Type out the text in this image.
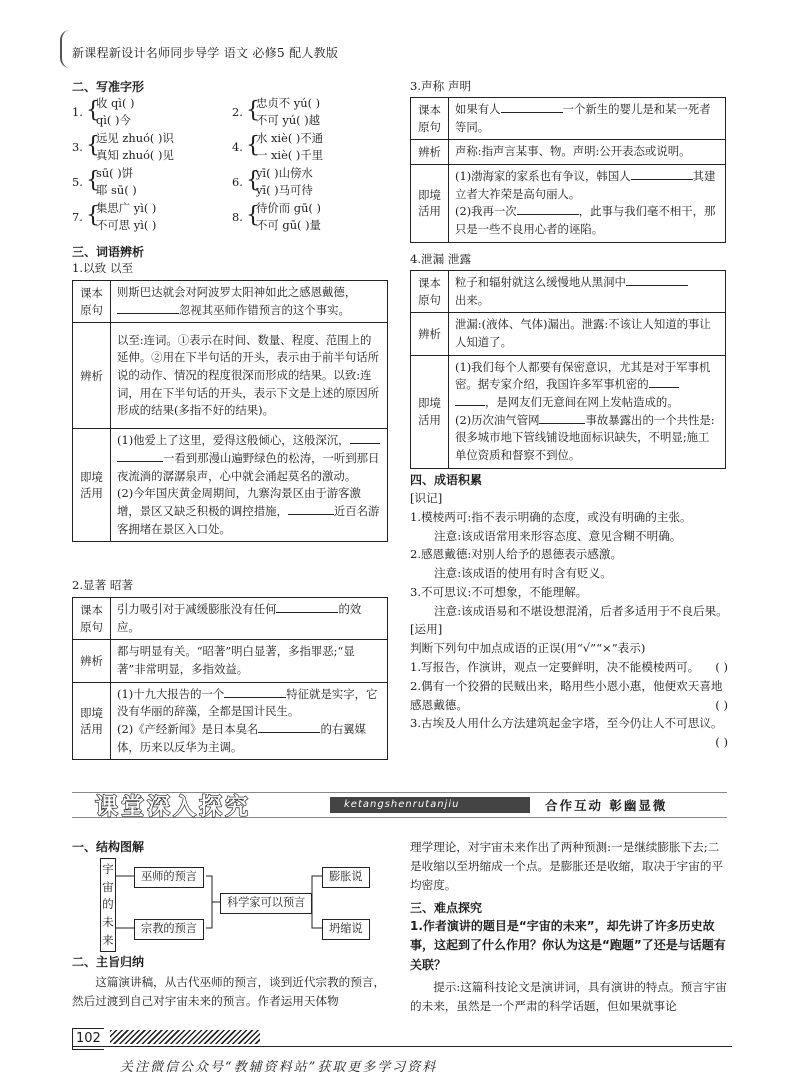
新课程新设计名师同步导学 语文 必修5 配人教版
二、写准字形
1. {
收 qì( )
qì( )今
2. {
忠贞不 yú( )
不可 yú( )越
3. {
远见 zhuó( )识
真知 zhuó( )见
4. {
水 xiè( )不通
一 xiè( )千里
5. {
sū( )饼
耶 sū( )
6. {
yī( )山傍水
yī( )马可待
7. {
集思广 yì( )
不可思 yì( )
8. {
待价而 gū( )
不可 gū( )量
三、词语辨析
1.以致 以至
课本原句	则斯巴达就会对阿波罗太阳神如此之感恩戴德，
忽视其巫师作错预言的这个事实。
辨析	以至:连词。①表示在时间、数量、程度、范围上的延伸。②用在下半句话的开头，表示由于前半句话所说的动作、情况的程度很深而形成的结果。以致:连词，用在下半句话的开头，表示下文是上述的原因所形成的结果(多指不好的结果)。
即境活用	(1)他爱上了这里，爱得这般倾心，这般深沉，
一看到那漫山遍野绿色的松涛，一听到那日夜流淌的潺潺泉声，心中就会涌起莫名的激动。
(2)今年国庆黄金周期间，九寨沟景区由于游客激增，景区又缺乏积极的调控措施， 近百名游客拥堵在景区入口处。
2.显著 昭著
课本原句	引力吸引对于减缓膨胀没有任何 的效应。
辨析	都与明显有关。“昭著”明白显著，多指罪恶;“显著”非常明显，多指效益。
即境活用	(1)十九大报告的一个 特征就是实字，它没有华丽的辞藻，全都是国计民生。
(2)《产经新闻》是日本臭名 的右翼媒体，历来以反华为主调。
3.声称 声明
课本原句	如果有人 一个新生的婴儿是和某一死者等同。
辨析	声称:指声言某事、物。声明:公开表态或说明。
即境活用	(1)渤海家的家系也有争议，韩国人 其建立者大祚荣是高句丽人。
(2)我再一次 ，此事与我们毫不相干，那只是一些不良用心者的诬陷。
4.泄漏 泄露
课本原句	粒子和辐射就这么缓慢地从黑洞中
出来。
辨析	泄漏:(液体、气体)漏出。泄露:不该让人知道的事让人知道了。
即境活用	(1)我们每个人都要有保密意识，尤其是对于军事机密。据专家介绍，我国许多军事机密的
，是网友们无意间在网上发帖造成的。
(2)历次油气管网 事故暴露出的一个共性是:很多城市地下管线铺设地面标识缺失，不明显;施工单位资质和督察不到位。
四、成语积累
[识记]
1.模棱两可:指不表示明确的态度，或没有明确的主张。
注意:该成语常用来形容态度、意见含糊不明确。
2.感恩戴德:对别人给予的恩德表示感激。
注意:该成语的使用有时含有贬义。
3.不可思议:不可想象，不能理解。
注意:该成语易和不堪设想混淆，后者多适用于不良后果。
[运用]
判断下列句中加点成语的正误(用“√”“×”表示)
1.写报告，作演讲，观点一定要鲜明，决不能模棱两可。 ( )
2.偶有一个狡猾的民贼出来，略用些小恩小惠，他便欢天喜地感恩戴德。	( )
3.古埃及人用什么方法建筑起金字塔，至今仍让人不可思议。
( )
课堂深入探究	ketangshenrutanjiu	合作互动 彰幽显微
一、结构图解
宇
宙
的
未
来
巫师的预言
宗教的预言
科学家可以预言
膨胀说
坍缩说
二、主旨归纳
这篇演讲稿，从古代巫师的预言，谈到近代宗教的预言，然后过渡到自己对宇宙未来的预言。作者运用天体物
理学理论，对宇宙未来作出了两种预测:一是继续膨胀下去;二是收缩以至坍缩成一个点。是膨胀还是收缩，取决于宇宙的平均密度。
三、难点探究
1.作者演讲的题目是“宇宙的未来”，却先讲了许多历史故事，这起到了什么作用？你认为这是“跑题”了还是与话题有关联？
提示:这篇科技论文是演讲词，具有演讲的特点。预言宇宙的未来，虽然是一个严肃的科学话题，但如果就事论
102
关注微信公众号“教辅资料站”获取更多学习资料
